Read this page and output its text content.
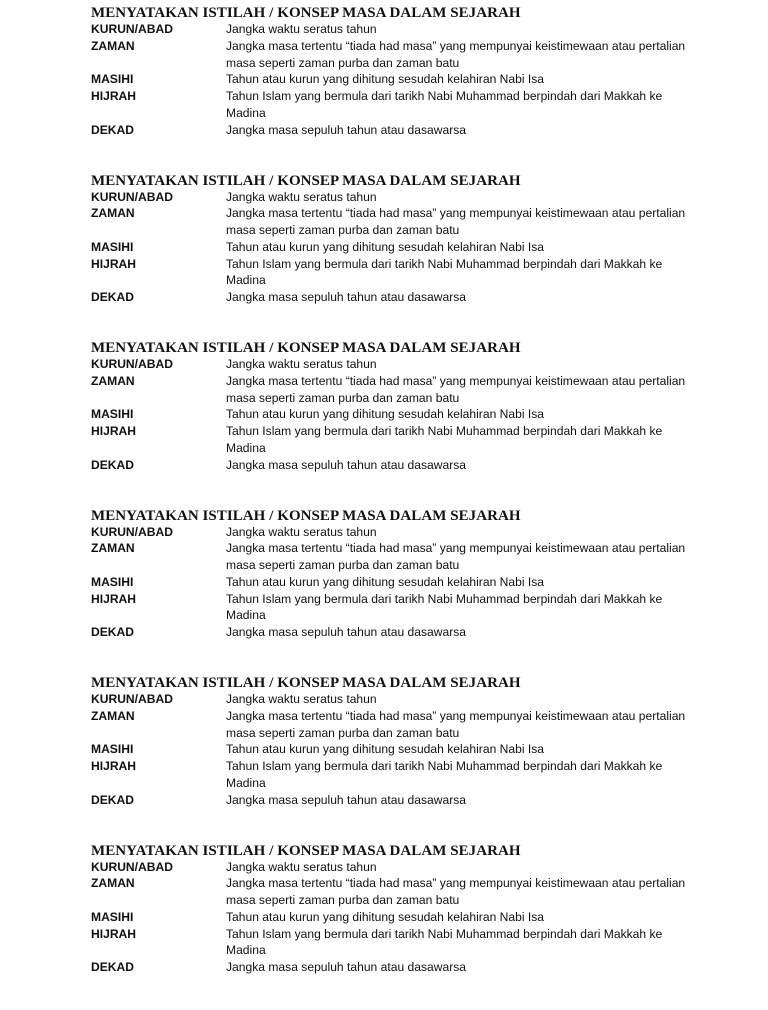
MENYATAKAN ISTILAH / KONSEP MASA DALAM SEJARAH
KURUN/ABAD	Jangka waktu seratus tahun
ZAMAN	Jangka masa tertentu “tiada had masa” yang mempunyai keistimewaan atau pertalian masa seperti zaman purba dan zaman batu
MASIHI	Tahun atau kurun yang dihitung sesudah kelahiran Nabi Isa
HIJRAH	Tahun Islam yang bermula dari tarikh Nabi Muhammad berpindah dari Makkah ke Madina
DEKAD	Jangka masa sepuluh tahun atau dasawarsa
MENYATAKAN ISTILAH / KONSEP MASA DALAM SEJARAH
KURUN/ABAD	Jangka waktu seratus tahun
ZAMAN	Jangka masa tertentu “tiada had masa” yang mempunyai keistimewaan atau pertalian masa seperti zaman purba dan zaman batu
MASIHI	Tahun atau kurun yang dihitung sesudah kelahiran Nabi Isa
HIJRAH	Tahun Islam yang bermula dari tarikh Nabi Muhammad berpindah dari Makkah ke Madina
DEKAD	Jangka masa sepuluh tahun atau dasawarsa
MENYATAKAN ISTILAH / KONSEP MASA DALAM SEJARAH
KURUN/ABAD	Jangka waktu seratus tahun
ZAMAN	Jangka masa tertentu “tiada had masa” yang mempunyai keistimewaan atau pertalian masa seperti zaman purba dan zaman batu
MASIHI	Tahun atau kurun yang dihitung sesudah kelahiran Nabi Isa
HIJRAH	Tahun Islam yang bermula dari tarikh Nabi Muhammad berpindah dari Makkah ke Madina
DEKAD	Jangka masa sepuluh tahun atau dasawarsa
MENYATAKAN ISTILAH / KONSEP MASA DALAM SEJARAH
KURUN/ABAD	Jangka waktu seratus tahun
ZAMAN	Jangka masa tertentu “tiada had masa” yang mempunyai keistimewaan atau pertalian masa seperti zaman purba dan zaman batu
MASIHI	Tahun atau kurun yang dihitung sesudah kelahiran Nabi Isa
HIJRAH	Tahun Islam yang bermula dari tarikh Nabi Muhammad berpindah dari Makkah ke Madina
DEKAD	Jangka masa sepuluh tahun atau dasawarsa
MENYATAKAN ISTILAH / KONSEP MASA DALAM SEJARAH
KURUN/ABAD	Jangka waktu seratus tahun
ZAMAN	Jangka masa tertentu “tiada had masa” yang mempunyai keistimewaan atau pertalian masa seperti zaman purba dan zaman batu
MASIHI	Tahun atau kurun yang dihitung sesudah kelahiran Nabi Isa
HIJRAH	Tahun Islam yang bermula dari tarikh Nabi Muhammad berpindah dari Makkah ke Madina
DEKAD	Jangka masa sepuluh tahun atau dasawarsa
MENYATAKAN ISTILAH / KONSEP MASA DALAM SEJARAH
KURUN/ABAD	Jangka waktu seratus tahun
ZAMAN	Jangka masa tertentu “tiada had masa” yang mempunyai keistimewaan atau pertalian masa seperti zaman purba dan zaman batu
MASIHI	Tahun atau kurun yang dihitung sesudah kelahiran Nabi Isa
HIJRAH	Tahun Islam yang bermula dari tarikh Nabi Muhammad berpindah dari Makkah ke Madina
DEKAD	Jangka masa sepuluh tahun atau dasawarsa
